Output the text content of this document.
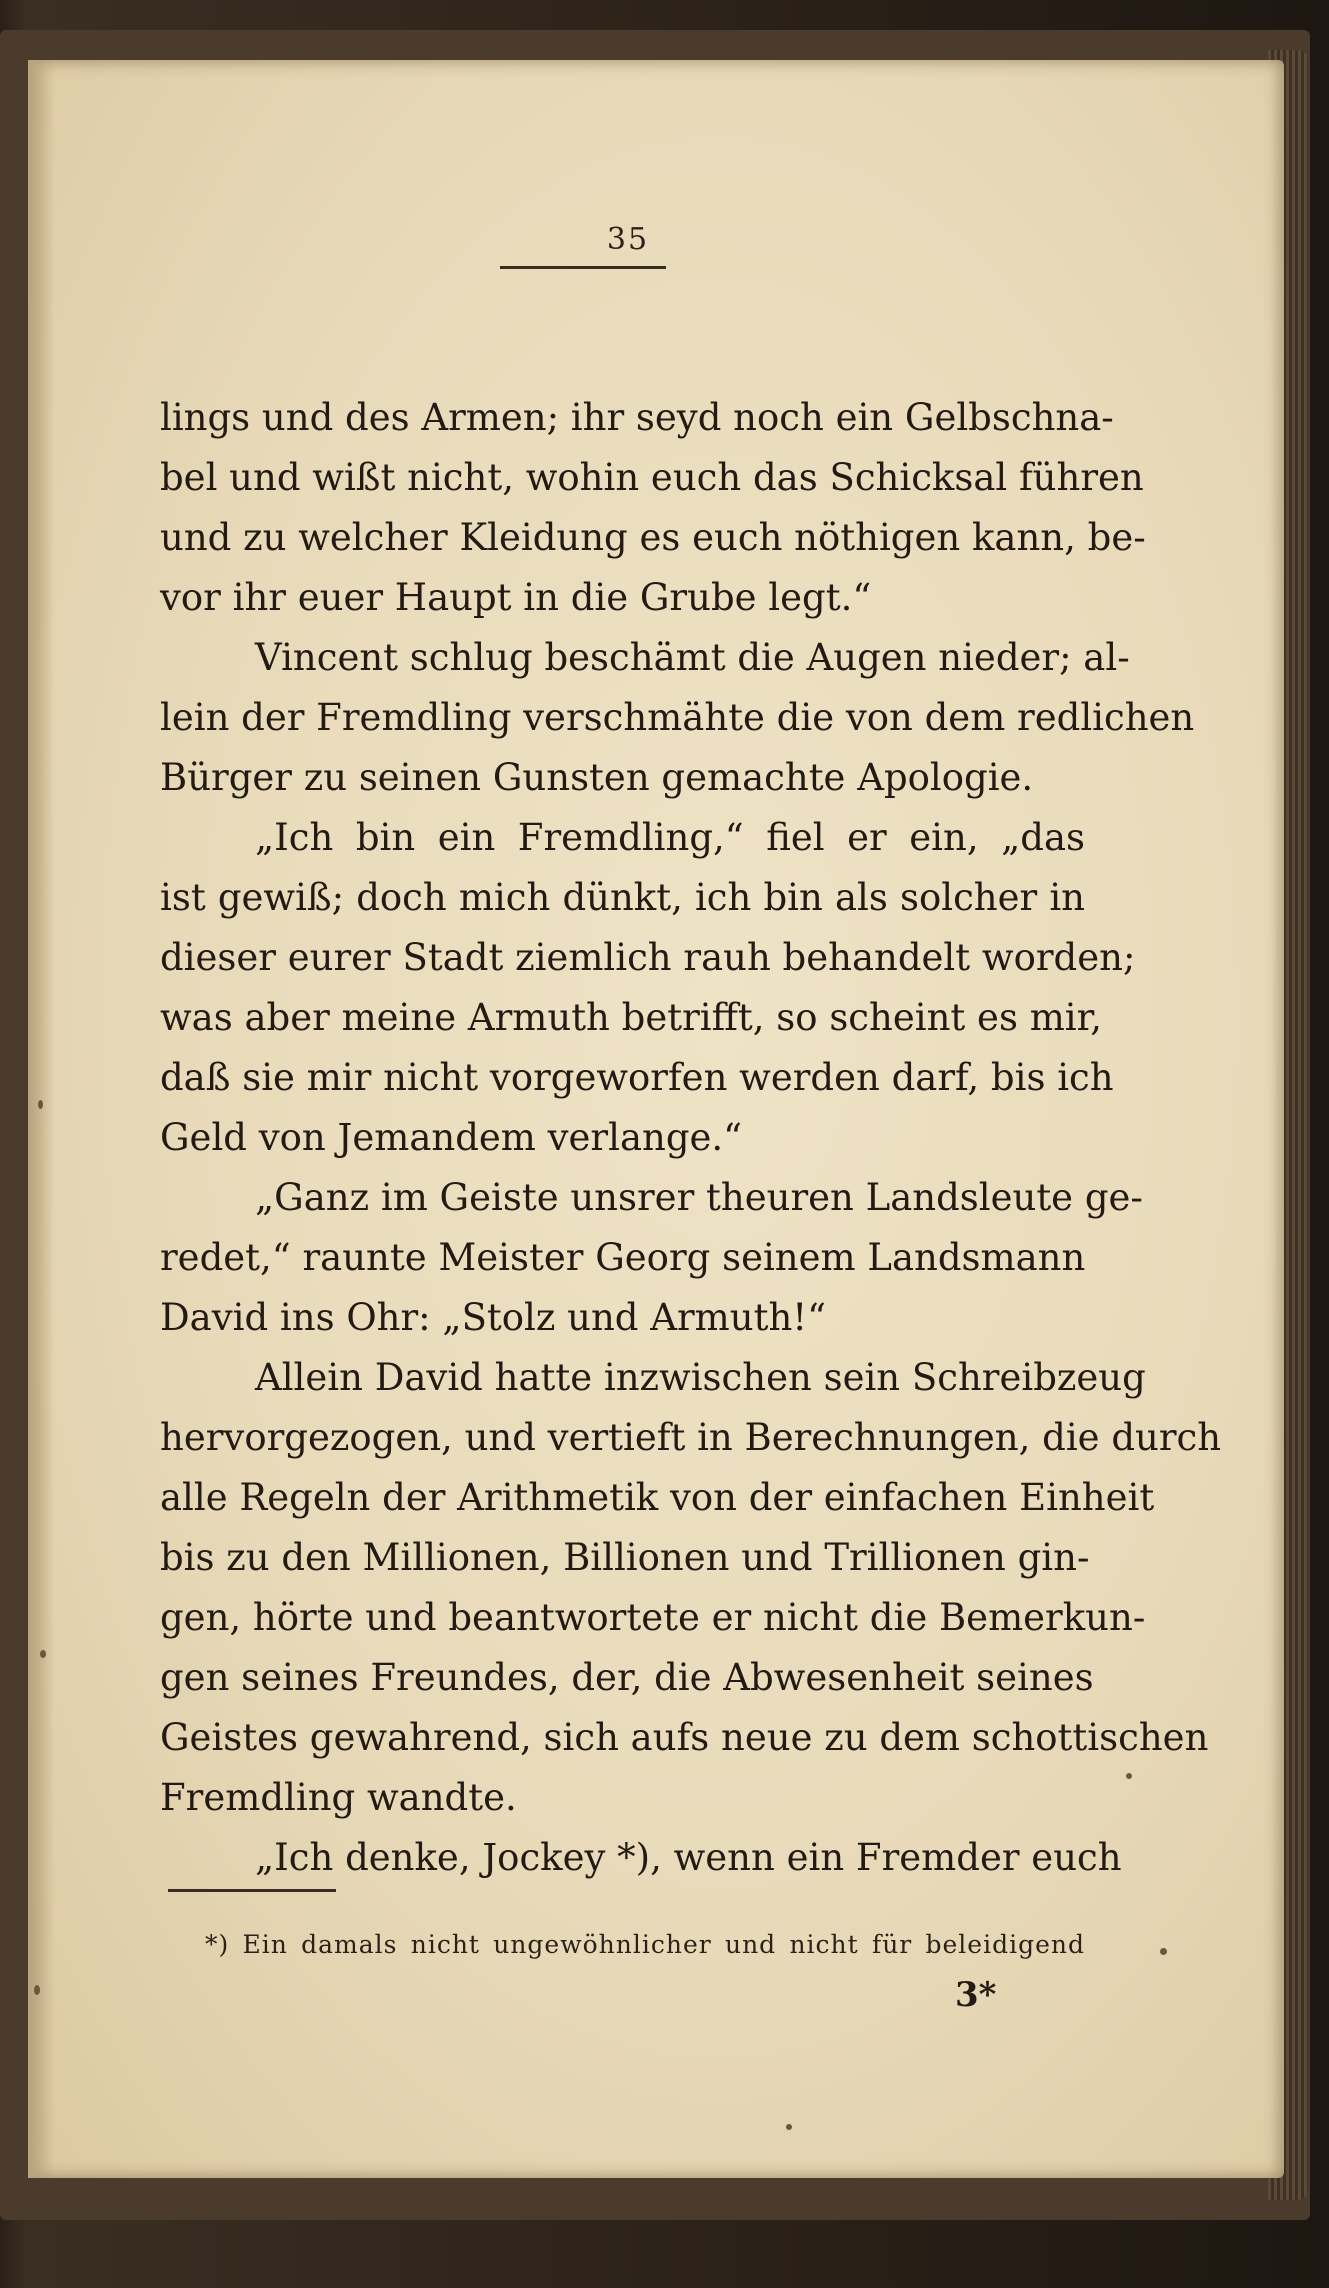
35
lings und des Armen; ihr seyd noch ein Gelbschna-
bel und wißt nicht, wohin euch das Schicksal führen
und zu welcher Kleidung es euch nöthigen kann, be-
vor ihr euer Haupt in die Grube legt.“
Vincent schlug beschämt die Augen nieder; al-
lein der Fremdling verschmähte die von dem redlichen
Bürger zu seinen Gunsten gemachte Apologie.
„Ich bin ein Fremdling,“ fiel er ein, „das
ist gewiß; doch mich dünkt, ich bin als solcher in
dieser eurer Stadt ziemlich rauh behandelt worden;
was aber meine Armuth betrifft, so scheint es mir,
daß sie mir nicht vorgeworfen werden darf, bis ich
Geld von Jemandem verlange.“
„Ganz im Geiste unsrer theuren Landsleute ge-
redet,“ raunte Meister Georg seinem Landsmann
David ins Ohr: „Stolz und Armuth!“
Allein David hatte inzwischen sein Schreibzeug
hervorgezogen, und vertieft in Berechnungen, die durch
alle Regeln der Arithmetik von der einfachen Einheit
bis zu den Millionen, Billionen und Trillionen gin-
gen, hörte und beantwortete er nicht die Bemerkun-
gen seines Freundes, der, die Abwesenheit seines
Geistes gewahrend, sich aufs neue zu dem schottischen
Fremdling wandte.
„Ich denke, Jockey *), wenn ein Fremder euch
*) Ein damals nicht ungewöhnlicher und nicht für beleidigend
3*
